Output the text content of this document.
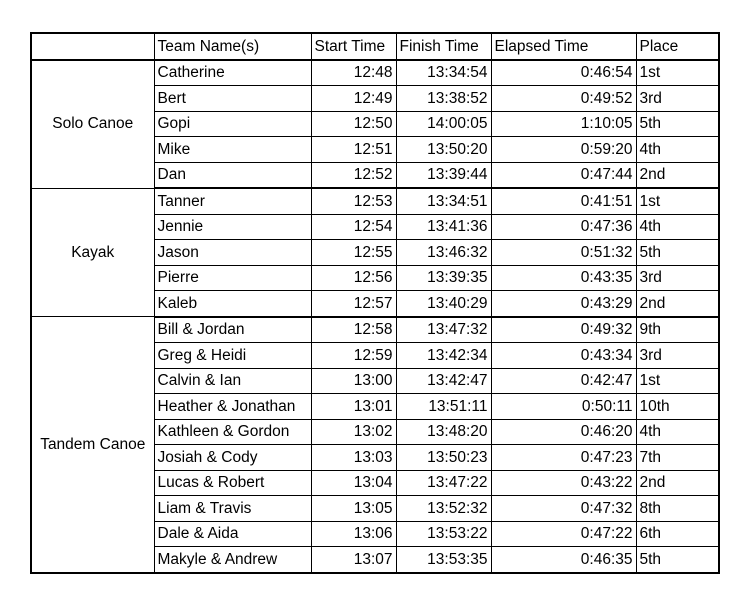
	Team Name(s)	Start Time	Finish Time	Elapsed Time	Place
Solo Canoe	Catherine	12:48	13:34:54	0:46:54	1st
	Bert	12:49	13:38:52	0:49:52	3rd
	Gopi	12:50	14:00:05	1:10:05	5th
	Mike	12:51	13:50:20	0:59:20	4th
	Dan	12:52	13:39:44	0:47:44	2nd
Kayak	Tanner	12:53	13:34:51	0:41:51	1st
	Jennie	12:54	13:41:36	0:47:36	4th
	Jason	12:55	13:46:32	0:51:32	5th
	Pierre	12:56	13:39:35	0:43:35	3rd
	Kaleb	12:57	13:40:29	0:43:29	2nd
Tandem Canoe	Bill & Jordan	12:58	13:47:32	0:49:32	9th
	Greg & Heidi	12:59	13:42:34	0:43:34	3rd
	Calvin & Ian	13:00	13:42:47	0:42:47	1st
	Heather & Jonathan	13:01	13:51:11	0:50:11	10th
	Kathleen & Gordon	13:02	13:48:20	0:46:20	4th
	Josiah & Cody	13:03	13:50:23	0:47:23	7th
	Lucas & Robert	13:04	13:47:22	0:43:22	2nd
	Liam & Travis	13:05	13:52:32	0:47:32	8th
	Dale & Aida	13:06	13:53:22	0:47:22	6th
	Makyle & Andrew	13:07	13:53:35	0:46:35	5th
